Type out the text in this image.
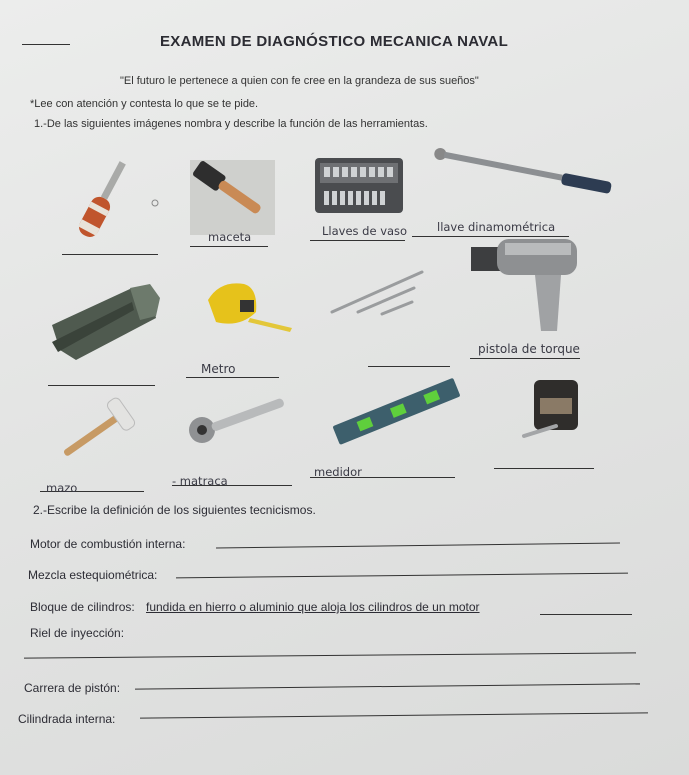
EXAMEN DE DIAGNÓSTICO MECANICA NAVAL
"El futuro le pertenece a quien con fe cree en la grandeza de sus sueños"
*Lee con atención y contesta lo que se te pide.
1.-De las siguientes imágenes nombra y describe la función de las herramientas.
maceta	Llaves de vaso	llave dinamométrica
Metro
pistola de torque
mazo	- matraca
medidor
2.-Escribe la definición de los siguientes tecnicismos.
Motor de combustión interna:
Mezcla estequiométrica:
Bloque de cilindros: fundida en hierro o aluminio que aloja los cilindros de un motor
Riel de inyección:
Carrera de pistón:
Cilindrada interna:
